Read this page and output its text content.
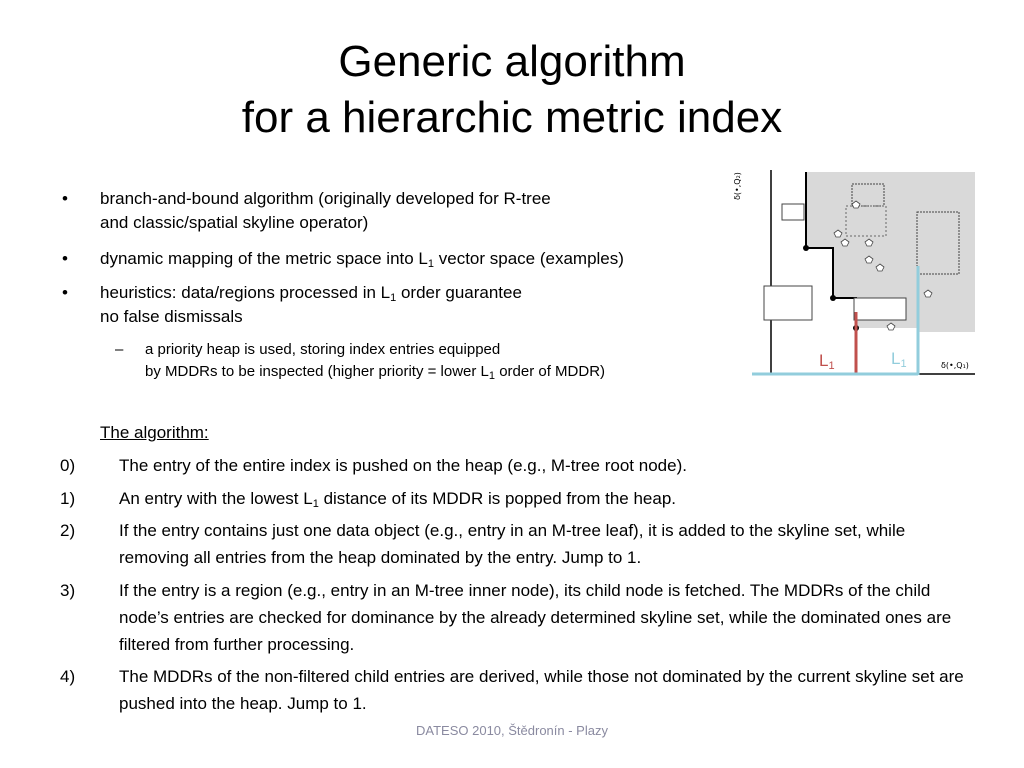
Generic algorithm
for a hierarchic metric index
• branch-and-bound algorithm (originally developed for R-tree
and classic/spatial skyline operator)
• dynamic mapping of the metric space into $L_1$ vector space (examples)
• heuristics: data/regions processed in $L_1$ order guarantee
no false dismissals
– a priority heap is used, storing index entries equipped
by MDDRs to be inspected (higher priority = lower $L_1$ order of MDDR)
The algorithm:
0)	The entry of the entire index is pushed on the heap (e.g., M-tree root node).
1)	An entry with the lowest $L_1$ distance of its MDDR is popped from the heap.
2)	If the entry contains just one data object (e.g., entry in an M-tree leaf), it is added to the skyline set, while removing all entries from the heap dominated by the entry. Jump to 1.
3)	If the entry is a region (e.g., entry in an M-tree inner node), its child node is fetched. The MDDRs of the child node’s entries are checked for dominance by the already determined skyline set, while the dominated ones are filtered from further processing.
4)	The MDDRs of the non-filtered child entries are derived, while those not dominated by the current skyline set are pushed into the heap. Jump to 1.
δ(•,Q₂)
δ(•,Q₁)
L1	L1
DATESO 2010, Štědronín - Plazy
